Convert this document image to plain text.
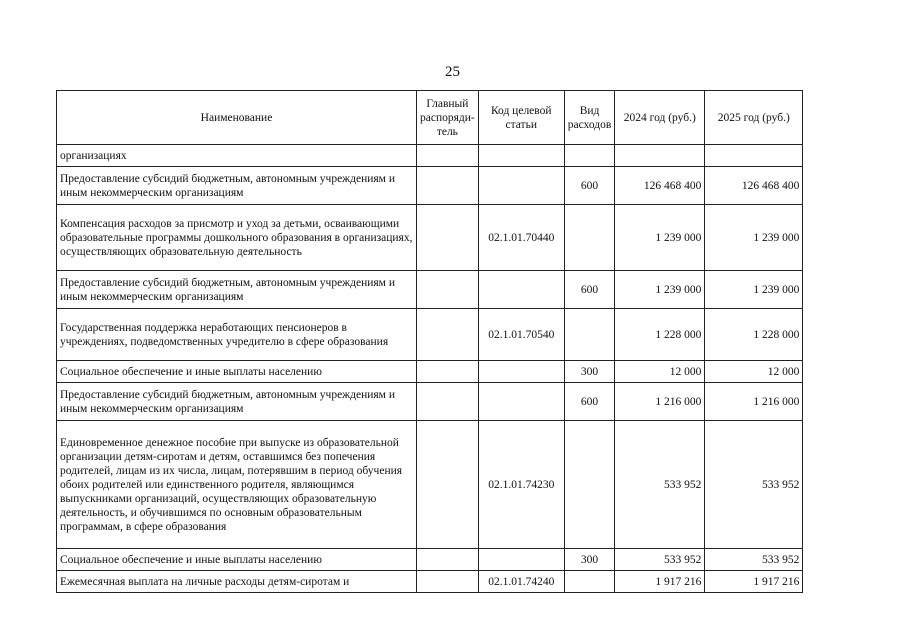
25
Наименование	Главный распоряди-тель	Код целевой статьи	Вид расходов	2024 год (руб.)	2025 год (руб.)
организациях					
Предоставление субсидий бюджетным, автономным учреждениям и иным некоммерческим организациям			600	126 468 400	126 468 400
Компенсация расходов за присмотр и уход за детьми, осваивающими образовательные программы дошкольного образования в организациях, осуществляющих образовательную деятельность		02.1.01.70440		1 239 000	1 239 000
Предоставление субсидий бюджетным, автономным учреждениям и иным некоммерческим организациям			600	1 239 000	1 239 000
Государственная поддержка неработающих пенсионеров в учреждениях, подведомственных учредителю в сфере образования		02.1.01.70540		1 228 000	1 228 000
Социальное обеспечение и иные выплаты населению			300	12 000	12 000
Предоставление субсидий бюджетным, автономным учреждениям и иным некоммерческим организациям			600	1 216 000	1 216 000
Единовременное денежное пособие при выпуске из образовательной организации детям-сиротам и детям, оставшимся без попечения родителей, лицам из их числа, лицам, потерявшим в период обучения обоих родителей или единственного родителя, являющимся выпускниками организаций, осуществляющих образовательную деятельность, и обучившимся по основным образовательным программам, в сфере образования		02.1.01.74230		533 952	533 952
Социальное обеспечение и иные выплаты населению			300	533 952	533 952
Ежемесячная выплата на личные расходы детям-сиротам и		02.1.01.74240		1 917 216	1 917 216
